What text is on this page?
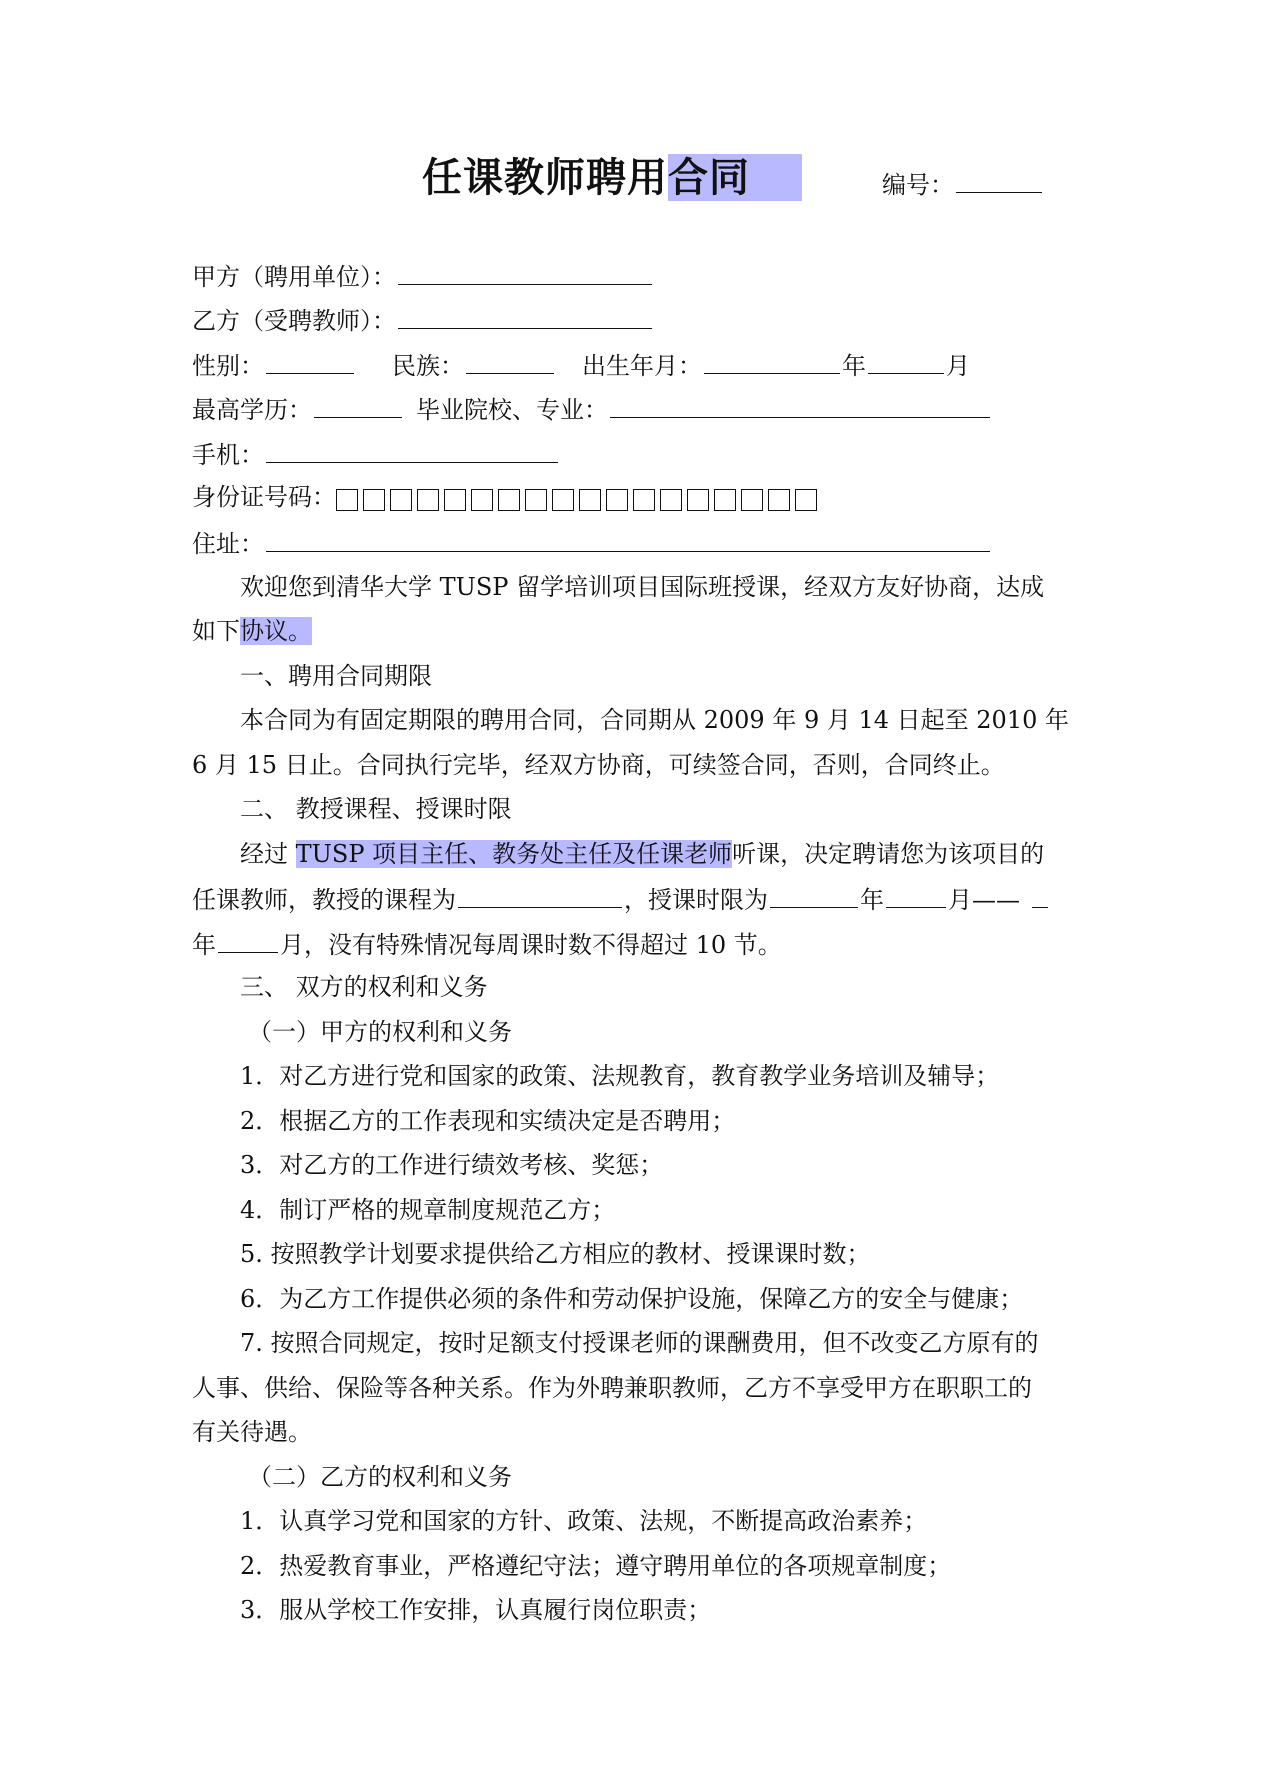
任课教师聘用合同	编号：
甲方（聘用单位）：
乙方（受聘教师）：
性别：	民族：	出生年月：	年	月
最高学历：	毕业院校、专业：
手机：
身份证号码：
住址：
欢迎您到清华大学 TUSP 留学培训项目国际班授课，经双方友好协商，达成
如下协议。
一、聘用合同期限
本合同为有固定期限的聘用合同，合同期从 2009 年 9 月 14 日起至 2010 年
6 月 15 日止。合同执行完毕，经双方协商，可续签合同，否则，合同终止。
二、 教授课程、授课时限
经过 TUSP 项目主任、教务处主任及任课老师听课，决定聘请您为该项目的
任课教师，教授的课程为	，授课时限为	年	月——
年	月，没有特殊情况每周课时数不得超过 10 节。
三、 双方的权利和义务
（一）甲方的权利和义务
1．对乙方进行党和国家的政策、法规教育，教育教学业务培训及辅导；
2．根据乙方的工作表现和实绩决定是否聘用；
3．对乙方的工作进行绩效考核、奖惩；
4．制订严格的规章制度规范乙方；
5. 按照教学计划要求提供给乙方相应的教材、授课课时数；
6．为乙方工作提供必须的条件和劳动保护设施，保障乙方的安全与健康；
7. 按照合同规定，按时足额支付授课老师的课酬费用，但不改变乙方原有的
人事、供给、保险等各种关系。作为外聘兼职教师，乙方不享受甲方在职职工的
有关待遇。
（二）乙方的权利和义务
1．认真学习党和国家的方针、政策、法规，不断提高政治素养；
2．热爱教育事业，严格遵纪守法；遵守聘用单位的各项规章制度；
3．服从学校工作安排，认真履行岗位职责；
